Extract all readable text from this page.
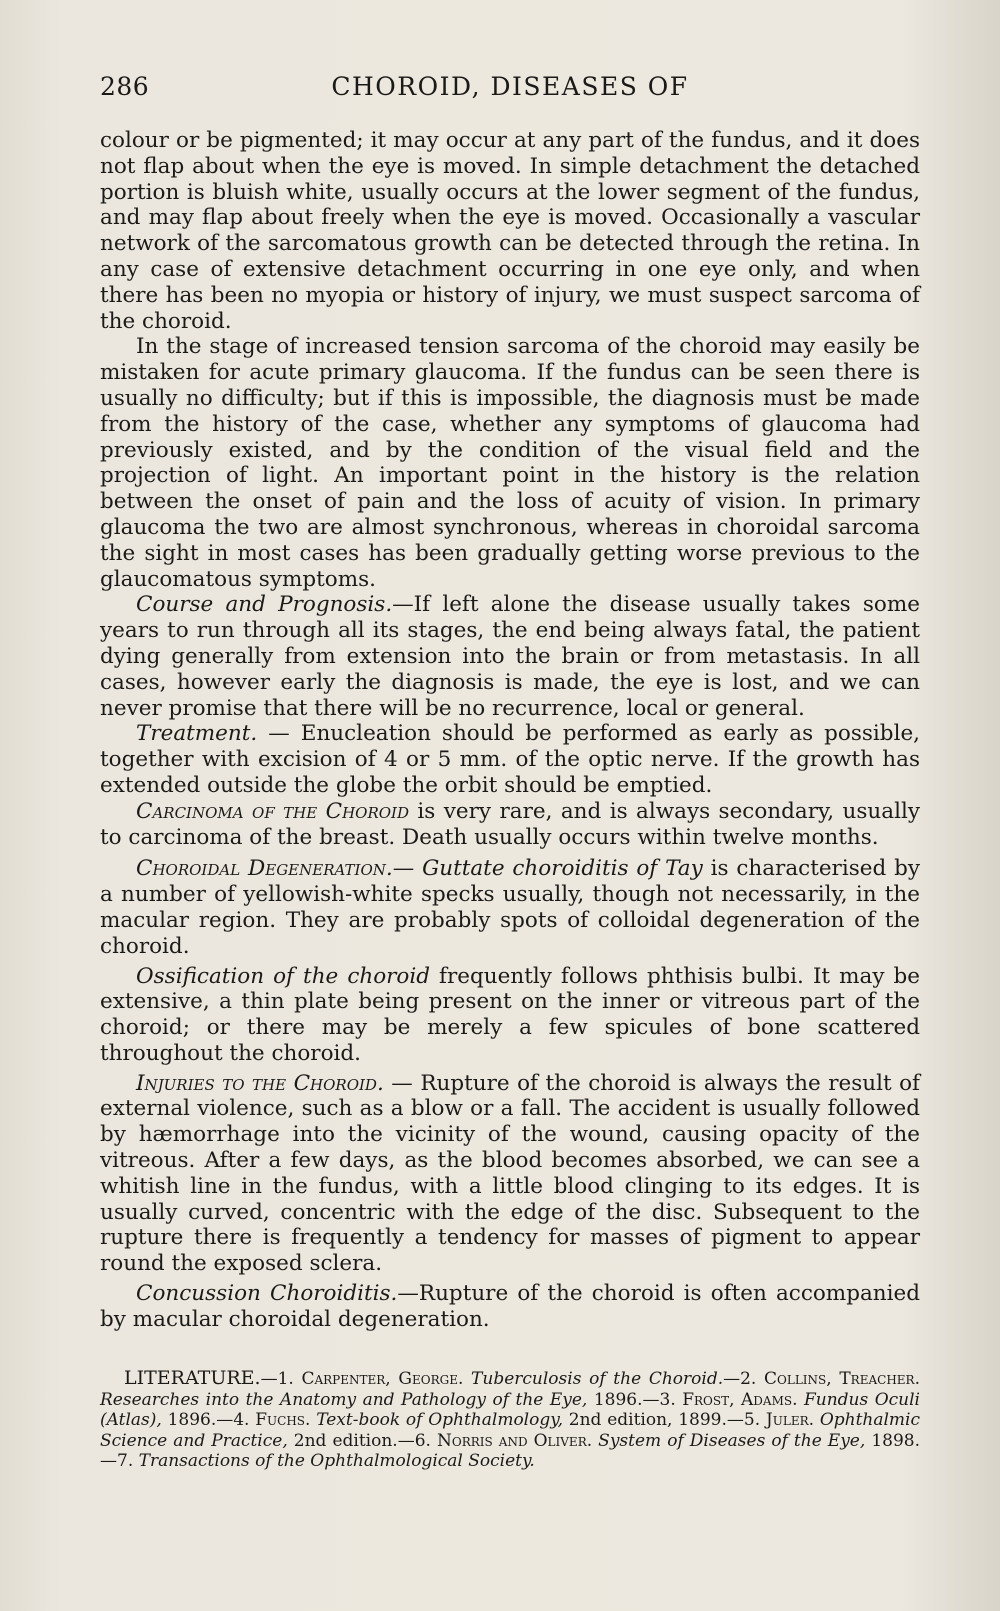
286	CHOROID, DISEASES OF

colour or be pigmented; it may occur at any part of the fundus, and it does not flap about when the eye is moved. In simple detachment the detached portion is bluish white, usually occurs at the lower segment of the fundus, and may flap about freely when the eye is moved. Occasionally a vascular network of the sarcomatous growth can be detected through the retina. In any case of extensive detachment occurring in one eye only, and when there has been no myopia or history of injury, we must suspect sarcoma of the choroid.

In the stage of increased tension sarcoma of the choroid may easily be mistaken for acute primary glaucoma. If the fundus can be seen there is usually no difficulty; but if this is impossible, the diagnosis must be made from the history of the case, whether any symptoms of glaucoma had previously existed, and by the condition of the visual field and the projection of light. An important point in the history is the relation between the onset of pain and the loss of acuity of vision. In primary glaucoma the two are almost synchronous, whereas in choroidal sarcoma the sight in most cases has been gradually getting worse previous to the glaucomatous symptoms.

Course and Prognosis.—If left alone the disease usually takes some years to run through all its stages, the end being always fatal, the patient dying generally from extension into the brain or from metastasis. In all cases, however early the diagnosis is made, the eye is lost, and we can never promise that there will be no recurrence, local or general.

Treatment. — Enucleation should be performed as early as possible, together with excision of 4 or 5 mm. of the optic nerve. If the growth has extended outside the globe the orbit should be emptied.

Carcinoma of the Choroid is very rare, and is always secondary, usually to carcinoma of the breast. Death usually occurs within twelve months.

Choroidal Degeneration.— Guttate choroiditis of Tay is characterised by a number of yellowish-white specks usually, though not necessarily, in the macular region. They are probably spots of colloidal degeneration of the choroid.

Ossification of the choroid frequently follows phthisis bulbi. It may be extensive, a thin plate being present on the inner or vitreous part of the choroid; or there may be merely a few spicules of bone scattered throughout the choroid.

Injuries to the Choroid. — Rupture of the choroid is always the result of external violence, such as a blow or a fall. The accident is usually followed by hæmorrhage into the vicinity of the wound, causing opacity of the vitreous. After a few days, as the blood becomes absorbed, we can see a whitish line in the fundus, with a little blood clinging to its edges. It is usually curved, concentric with the edge of the disc. Subsequent to the rupture there is frequently a tendency for masses of pigment to appear round the exposed sclera.

Concussion Choroiditis.—Rupture of the choroid is often accompanied by macular choroidal degeneration.

LITERATURE.—1. Carpenter, George. Tuberculosis of the Choroid.—2. Collins, Treacher. Researches into the Anatomy and Pathology of the Eye, 1896.—3. Frost, Adams. Fundus Oculi (Atlas), 1896.—4. Fuchs. Text-book of Ophthalmology, 2nd edition, 1899.—5. Juler. Ophthalmic Science and Practice, 2nd edition.—6. Norris and Oliver. System of Diseases of the Eye, 1898.—7. Transactions of the Ophthalmological Society.
